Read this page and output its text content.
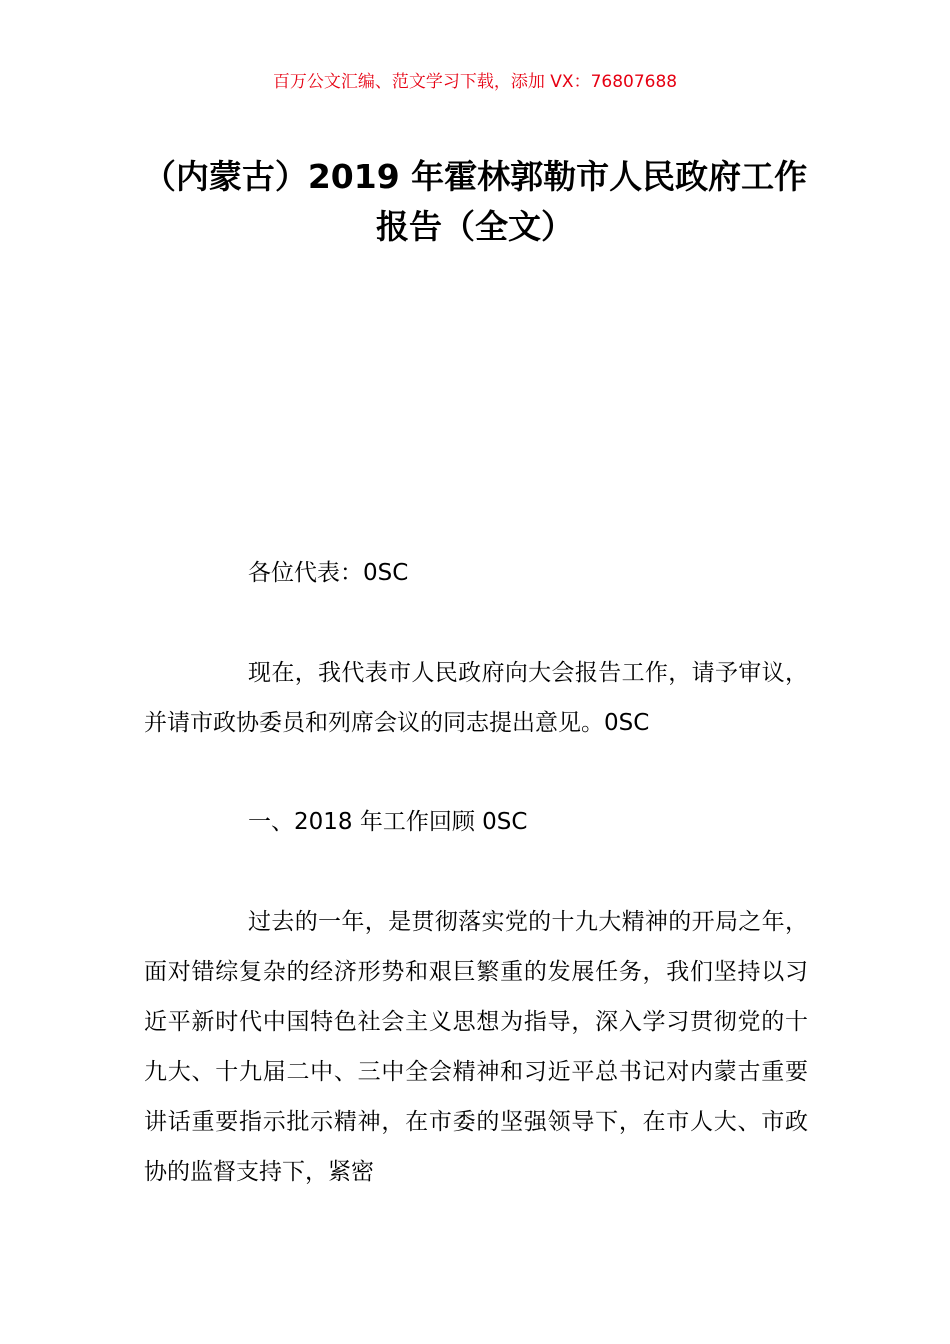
百万公文汇编、范文学习下载，添加 VX：76807688
（内蒙古）2019 年霍林郭勒市人民政府工作报告（全文）

各位代表：0SC

现在，我代表市人民政府向大会报告工作，请予审议，并请市政协委员和列席会议的同志提出意见。0SC

一、2018 年工作回顾 0SC

过去的一年，是贯彻落实党的十九大精神的开局之年，面对错综复杂的经济形势和艰巨繁重的发展任务，我们坚持以习近平新时代中国特色社会主义思想为指导，深入学习贯彻党的十九大、十九届二中、三中全会精神和习近平总书记对内蒙古重要讲话重要指示批示精神，在市委的坚强领导下，在市人大、市政协的监督支持下，紧密
